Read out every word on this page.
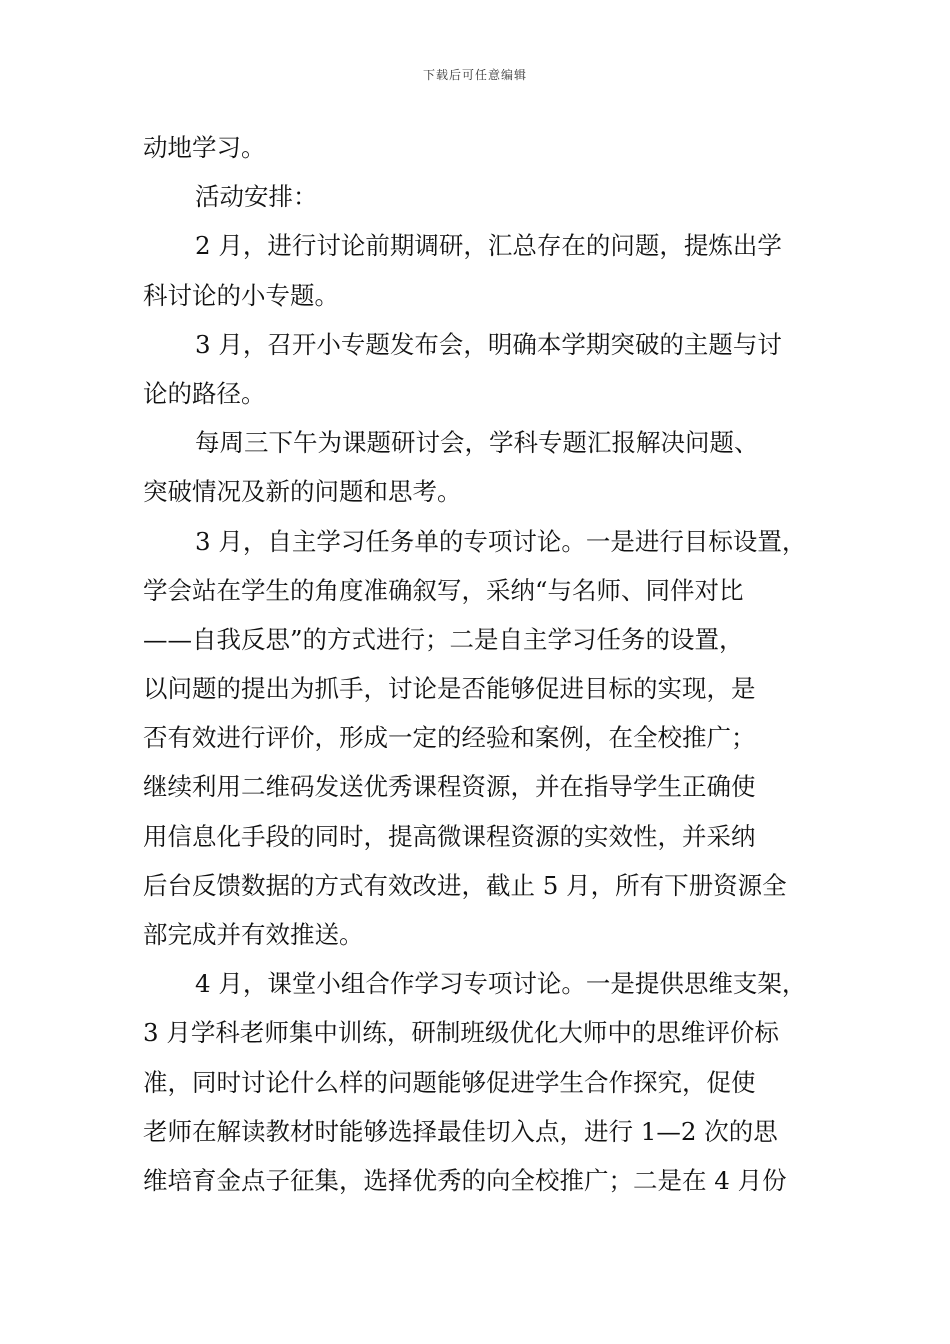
下载后可任意编辑
动地学习。
活动安排：
2 月，进行讨论前期调研，汇总存在的问题，提炼出学
科讨论的小专题。
3 月，召开小专题发布会，明确本学期突破的主题与讨
论的路径。
每周三下午为课题研讨会，学科专题汇报解决问题、
突破情况及新的问题和思考。
3 月，自主学习任务单的专项讨论。一是进行目标设置，
学会站在学生的角度准确叙写，采纳“与名师、同伴对比
——自我反思”的方式进行；二是自主学习任务的设置，
以问题的提出为抓手，讨论是否能够促进目标的实现，是
否有效进行评价，形成一定的经验和案例，在全校推广；
继续利用二维码发送优秀课程资源，并在指导学生正确使
用信息化手段的同时，提高微课程资源的实效性，并采纳
后台反馈数据的方式有效改进，截止 5 月，所有下册资源全
部完成并有效推送。
4 月，课堂小组合作学习专项讨论。一是提供思维支架，
3 月学科老师集中训练，研制班级优化大师中的思维评价标
准，同时讨论什么样的问题能够促进学生合作探究，促使
老师在解读教材时能够选择最佳切入点，进行 1—2 次的思
维培育金点子征集，选择优秀的向全校推广；二是在 4 月份
